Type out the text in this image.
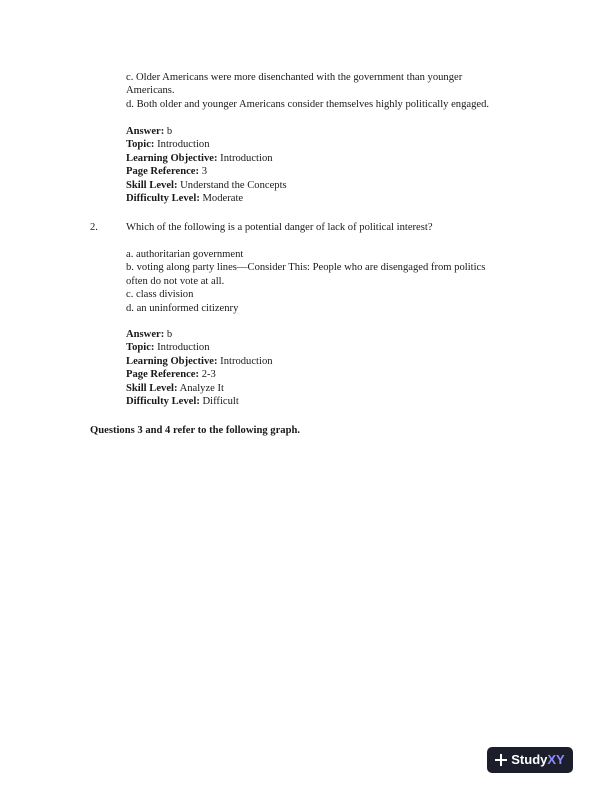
c. Older Americans were more disenchanted with the government than younger
Americans.
d. Both older and younger Americans consider themselves highly politically engaged.
Answer: b
Topic: Introduction
Learning Objective: Introduction
Page Reference: 3
Skill Level: Understand the Concepts
Difficulty Level: Moderate
2.	Which of the following is a potential danger of lack of political interest?
a. authoritarian government
b. voting along party lines—Consider This: People who are disengaged from politics
often do not vote at all.
c. class division
d. an uninformed citizenry
Answer: b
Topic: Introduction
Learning Objective: Introduction
Page Reference: 2-3
Skill Level: Analyze It
Difficulty Level: Difficult
Questions 3 and 4 refer to the following graph.
StudyXY
